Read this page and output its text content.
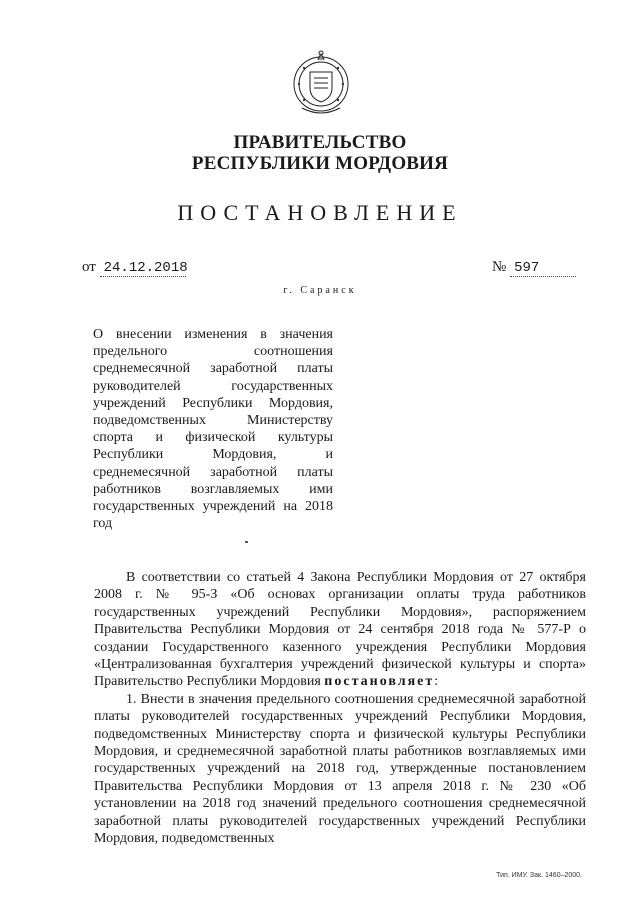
ПРАВИТЕЛЬСТВО
РЕСПУБЛИКИ МОРДОВИЯ
ПОСТАНОВЛЕНИЕ
от 24.12.2018	№ 597
г. Саранск
О внесении изменения в значения предельного соотношения среднемесячной заработной платы руководителей государственных учреждений Республики Мордовия, подведомственных Министерству спорта и физической культуры Республики Мордовия, и среднемесячной заработной платы работников возглавляемых ими государственных учреждений на 2018 год

В соответствии со статьей 4 Закона Республики Мордовия от 27 октября 2008 г. № 95-З «Об основах организации оплаты труда работников государственных учреждений Республики Мордовия», распоряжением Правительства Республики Мордовия от 24 сентября 2018 года № 577-Р о создании Государственного казенного учреждения Республики Мордовия «Централизованная бухгалтерия учреждений физической культуры и спорта» Правительство Республики Мордовия постановляет:

1. Внести в значения предельного соотношения среднемесячной заработной платы руководителей государственных учреждений Республики Мордовия, подведомственных Министерству спорта и физической культуры Республики Мордовия, и среднемесячной заработной платы работников возглавляемых ими государственных учреждений на 2018 год, утвержденные постановлением Правительства Республики Мордовия от 13 апреля 2018 г. № 230 «Об установлении на 2018 год значений предельного соотношения среднемесячной заработной платы руководителей государственных учреждений Республики Мордовия, подведомственных

Тип. ИМУ. Зак. 1460–2000.
